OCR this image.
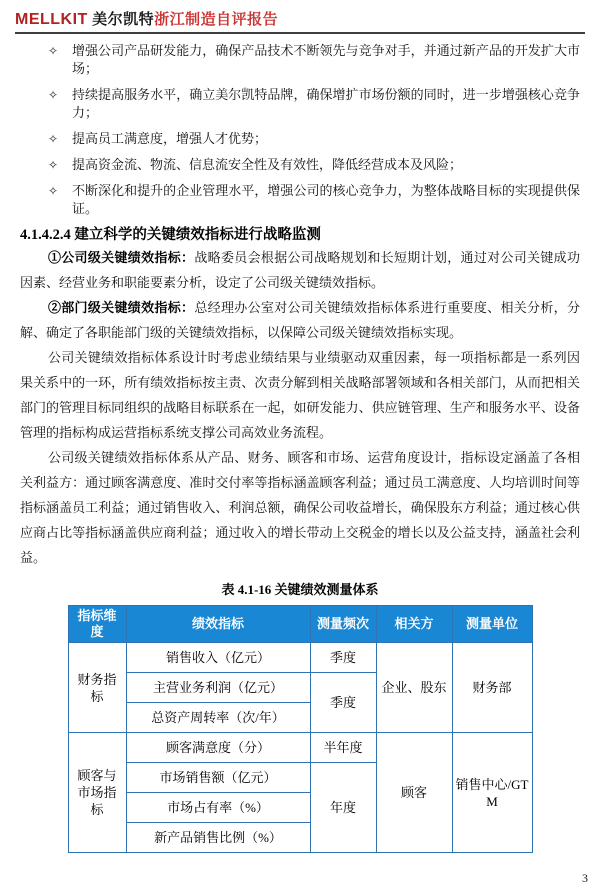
MELLKIT 美尔凯特浙江制造自评报告
✧	增强公司产品研发能力，确保产品技术不断领先与竞争对手，并通过新产品的开发扩大市场；
✧	持续提高服务水平，确立美尔凯特品牌，确保增扩市场份额的同时，进一步增强核心竞争力；
✧	提高员工满意度，增强人才优势；
✧	提高资金流、物流、信息流安全性及有效性，降低经营成本及风险；
✧	不断深化和提升的企业管理水平，增强公司的核心竞争力，为整体战略目标的实现提供保证。
4.1.4.2.4 建立科学的关键绩效指标进行战略监测

①公司级关键绩效指标：战略委员会根据公司战略规划和长短期计划，通过对公司关键成功因素、经营业务和职能要素分析，设定了公司级关键绩效指标。

②部门级关键绩效指标：总经理办公室对公司关键绩效指标体系进行重要度、相关分析，分解、确定了各职能部门级的关键绩效指标，以保障公司级关键绩效指标实现。

公司关键绩效指标体系设计时考虑业绩结果与业绩驱动双重因素，每一项指标都是一系列因果关系中的一环，所有绩效指标按主责、次责分解到相关战略部署领域和各相关部门，从而把相关部门的管理目标同组织的战略目标联系在一起，如研发能力、供应链管理、生产和服务水平、设备管理的指标构成运营指标系统支撑公司高效业务流程。

公司级关键绩效指标体系从产品、财务、顾客和市场、运营角度设计，指标设定涵盖了各相关利益方：通过顾客满意度、准时交付率等指标涵盖顾客利益；通过员工满意度、人均培训时间等指标涵盖员工利益；通过销售收入、利润总额，确保公司收益增长，确保股东方利益；通过核心供应商占比等指标涵盖供应商利益；通过收入的增长带动上交税金的增长以及公益支持，涵盖社会利益。

表 4.1-16 关键绩效测量体系
指标维度	绩效指标	测量频次	相关方	测量单位
财务指标	销售收入（亿元）	季度	企业、股东	财务部
	主营业务利润（亿元）	季度		
	总资产周转率（次/年）			
顾客与市场指标	顾客满意度（分）	半年度	顾客	销售中心/GTM
	市场销售额（亿元）	年度		
	市场占有率（%）			
	新产品销售比例（%）			
3
